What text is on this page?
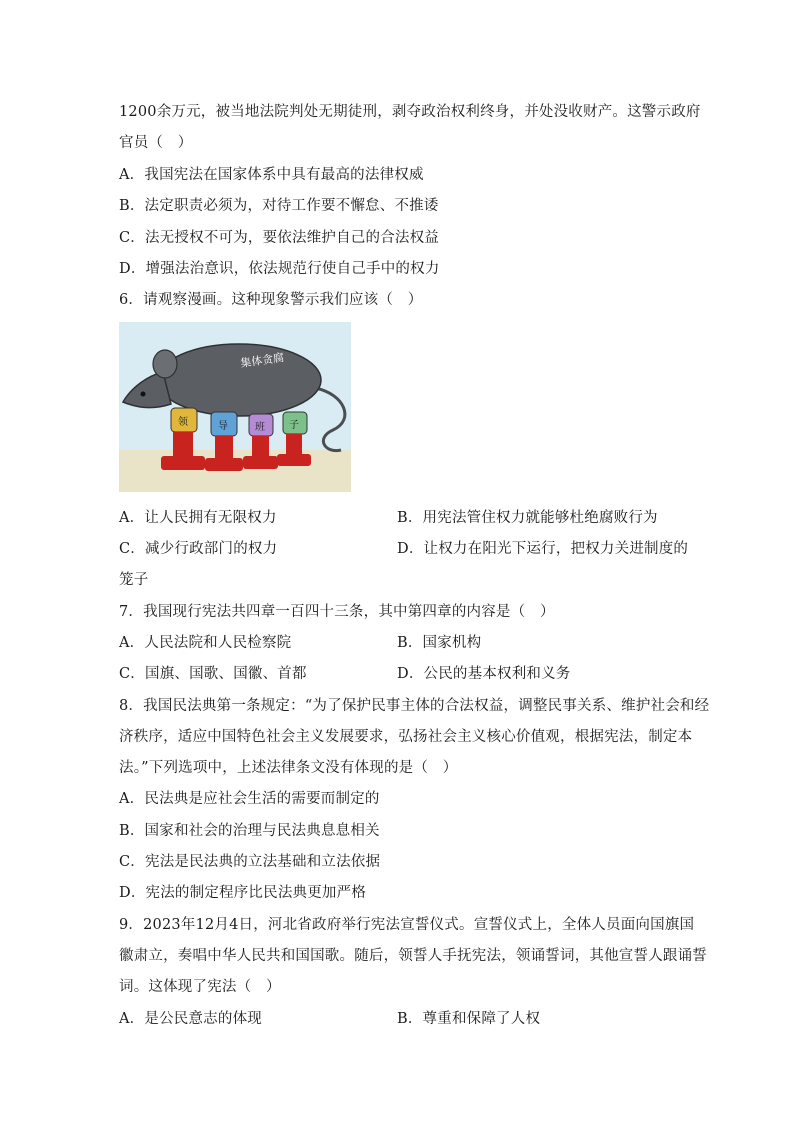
1200余万元，被当地法院判处无期徒刑，剥夺政治权利终身，并处没收财产。这警示政府
官员（　）
A．我国宪法在国家体系中具有最高的法律权威
B．法定职责必须为，对待工作要不懈怠、不推诿
C．法无授权不可为，要依法维护自己的合法权益
D．增强法治意识，依法规范行使自己手中的权力
6．请观察漫画。这种现象警示我们应该（　）
集体贪腐
领	导	班 子
A．让人民拥有无限权力	B．用宪法管住权力就能够杜绝腐败行为
C．减少行政部门的权力	D．让权力在阳光下运行，把权力关进制度的
笼子
7．我国现行宪法共四章一百四十三条，其中第四章的内容是（　）
A．人民法院和人民检察院	B．国家机构
C．国旗、国歌、国徽、首都	D．公民的基本权利和义务
8．我国民法典第一条规定：“为了保护民事主体的合法权益，调整民事关系、维护社会和经
济秩序，适应中国特色社会主义发展要求，弘扬社会主义核心价值观，根据宪法，制定本
法。”下列选项中，上述法律条文没有体现的是（　）
A．民法典是应社会生活的需要而制定的
B．国家和社会的治理与民法典息息相关
C．宪法是民法典的立法基础和立法依据
D．宪法的制定程序比民法典更加严格
9．2023年12月4日，河北省政府举行宪法宣誓仪式。宣誓仪式上，全体人员面向国旗国
徽肃立，奏唱中华人民共和国国歌。随后，领誓人手抚宪法，领诵誓词，其他宣誓人跟诵誓
词。这体现了宪法（　）
A．是公民意志的体现	B．尊重和保障了人权
